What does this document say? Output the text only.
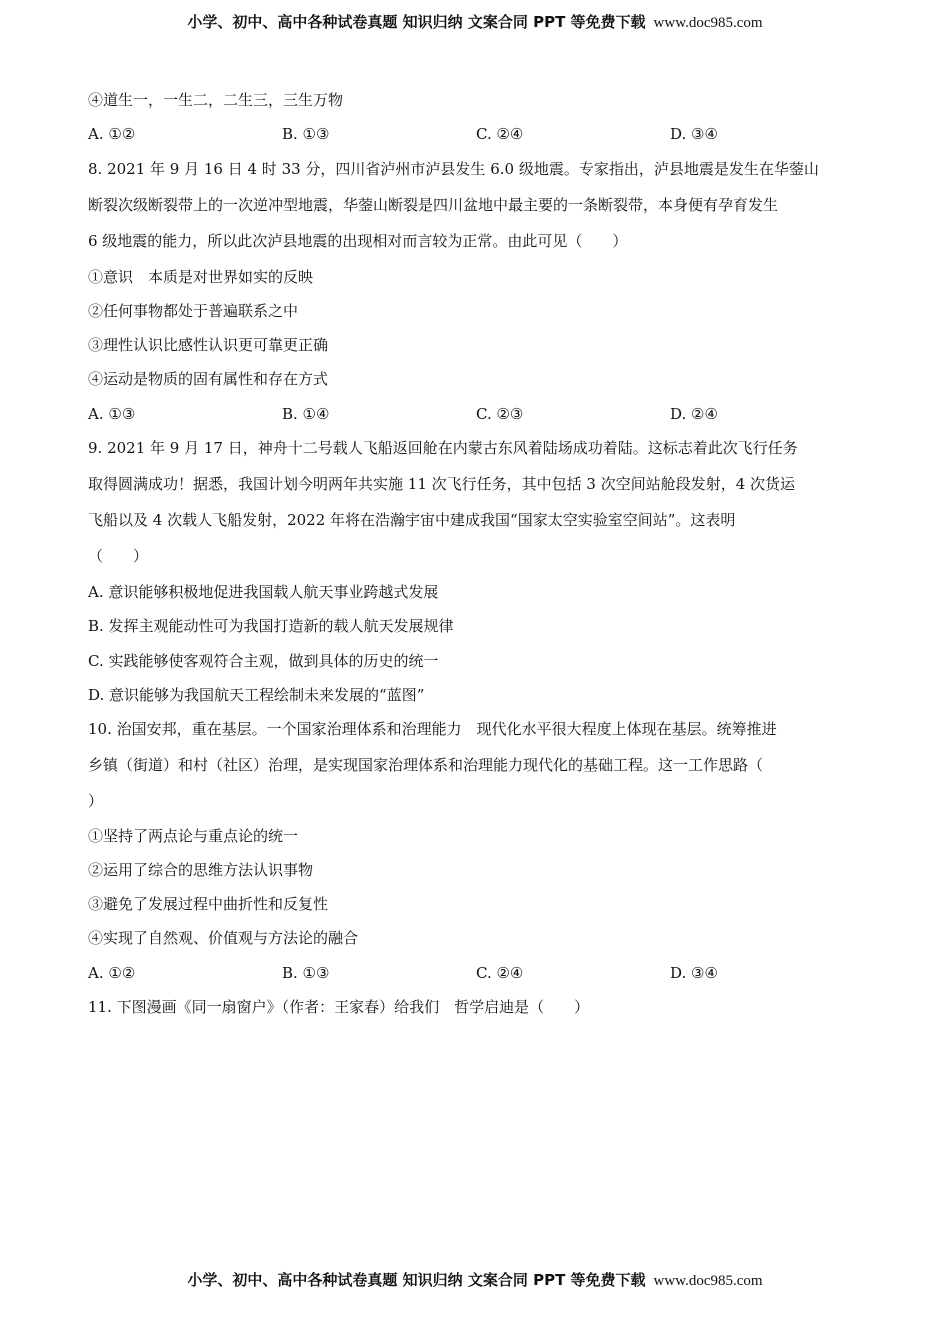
小学、初中、高中各种试卷真题 知识归纳 文案合同 PPT 等免费下载 www.doc985.com
④道生一，一生二，二生三，三生万物
A. ①②	B. ①③	C. ②④	D. ③④
8. 2021 年 9 月 16 日 4 时 33 分，四川省泸州市泸县发生 6.0 级地震。专家指出，泸县地震是发生在华蓥山
断裂次级断裂带上的一次逆冲型地震，华蓥山断裂是四川盆地中最主要的一条断裂带，本身便有孕育发生
6 级地震的能力，所以此次泸县地震的出现相对而言较为正常。由此可见（　　）
①意识　本质是对世界如实的反映
②任何事物都处于普遍联系之中
③理性认识比感性认识更可靠更正确
④运动是物质的固有属性和存在方式
A. ①③	B. ①④	C. ②③	D. ②④
9. 2021 年 9 月 17 日，神舟十二号载人飞船返回舱在内蒙古东风着陆场成功着陆。这标志着此次飞行任务
取得圆满成功！据悉，我国计划今明两年共实施 11 次飞行任务，其中包括 3 次空间站舱段发射，4 次货运
飞船以及 4 次载人飞船发射，2022 年将在浩瀚宇宙中建成我国“国家太空实验室空间站”。这表明
（　　）
A. 意识能够积极地促进我国载人航天事业跨越式发展
B. 发挥主观能动性可为我国打造新的载人航天发展规律
C. 实践能够使客观符合主观，做到具体的历史的统一
D. 意识能够为我国航天工程绘制未来发展的“蓝图”
10. 治国安邦，重在基层。一个国家治理体系和治理能力　现代化水平很大程度上体现在基层。统筹推进
乡镇（街道）和村（社区）治理，是实现国家治理体系和治理能力现代化的基础工程。这一工作思路（
）
①坚持了两点论与重点论的统一
②运用了综合的思维方法认识事物
③避免了发展过程中曲折性和反复性
④实现了自然观、价值观与方法论的融合
A. ①②	B. ①③	C. ②④	D. ③④
11. 下图漫画《同一扇窗户》（作者：王家春）给我们　哲学启迪是（　　）
小学、初中、高中各种试卷真题 知识归纳 文案合同 PPT 等免费下载 www.doc985.com
